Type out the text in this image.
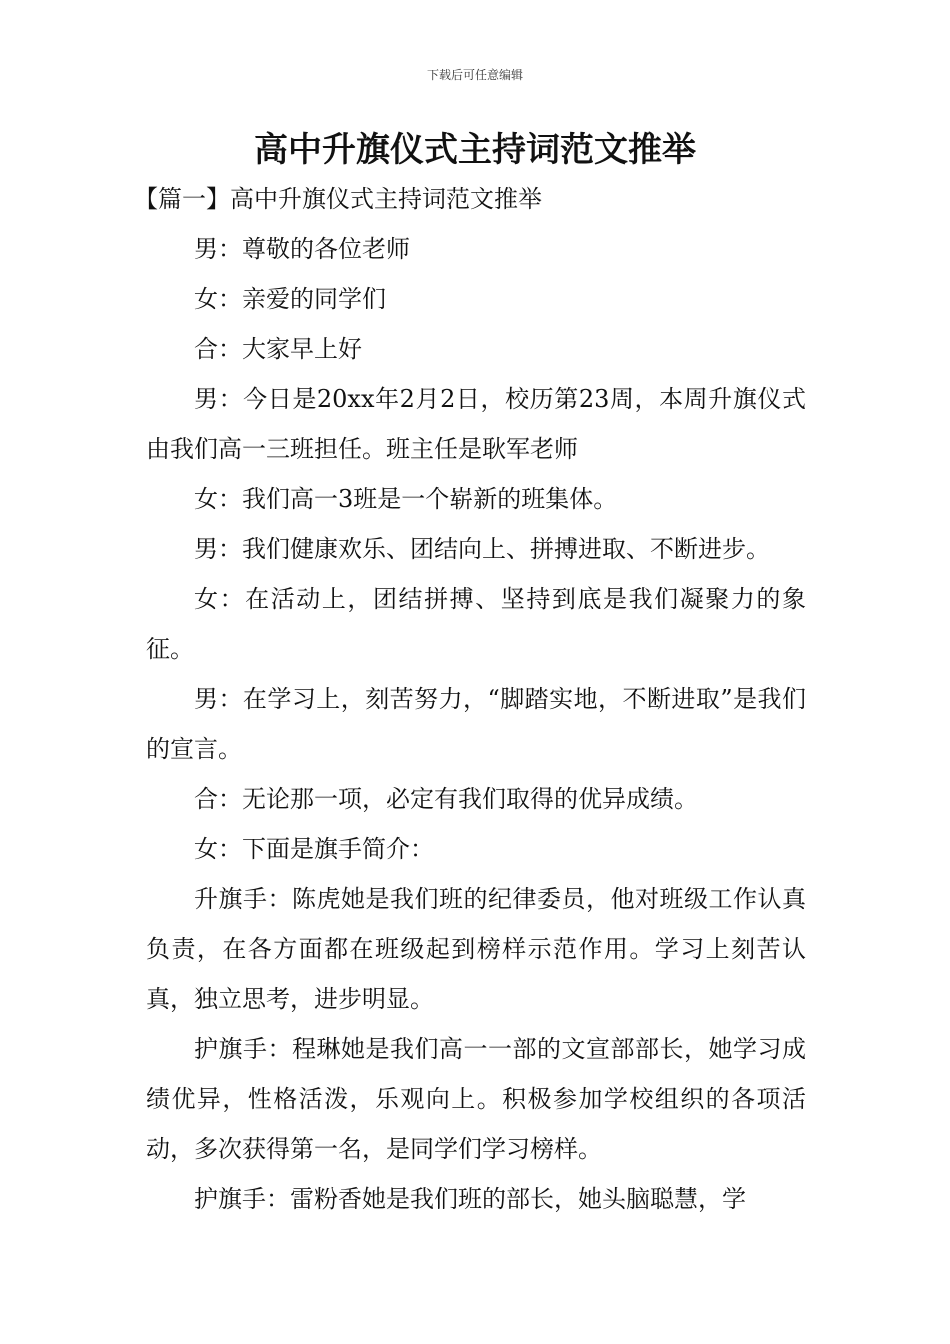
下载后可任意编辑
高中升旗仪式主持词范文推举

【篇一】高中升旗仪式主持词范文推举

男：尊敬的各位老师

女：亲爱的同学们

合：大家早上好

男：今日是20xx年2月2日，校历第23周，本周升旗仪式由我们高一三班担任。班主任是耿军老师

女：我们高一3班是一个崭新的班集体。

男：我们健康欢乐、团结向上、拼搏进取、不断进步。

女：在活动上，团结拼搏、坚持到底是我们凝聚力的象征。

男：在学习上，刻苦努力，“脚踏实地，不断进取”是我们的宣言。

合：无论那一项，必定有我们取得的优异成绩。

女：下面是旗手简介：

升旗手：陈虎她是我们班的纪律委员，他对班级工作认真负责，在各方面都在班级起到榜样示范作用。学习上刻苦认真，独立思考，进步明显。

护旗手：程琳她是我们高一一部的文宣部部长，她学习成绩优异，性格活泼，乐观向上。积极参加学校组织的各项活动，多次获得第一名，是同学们学习榜样。

护旗手：雷粉香她是我们班的部长，她头脑聪慧，学
